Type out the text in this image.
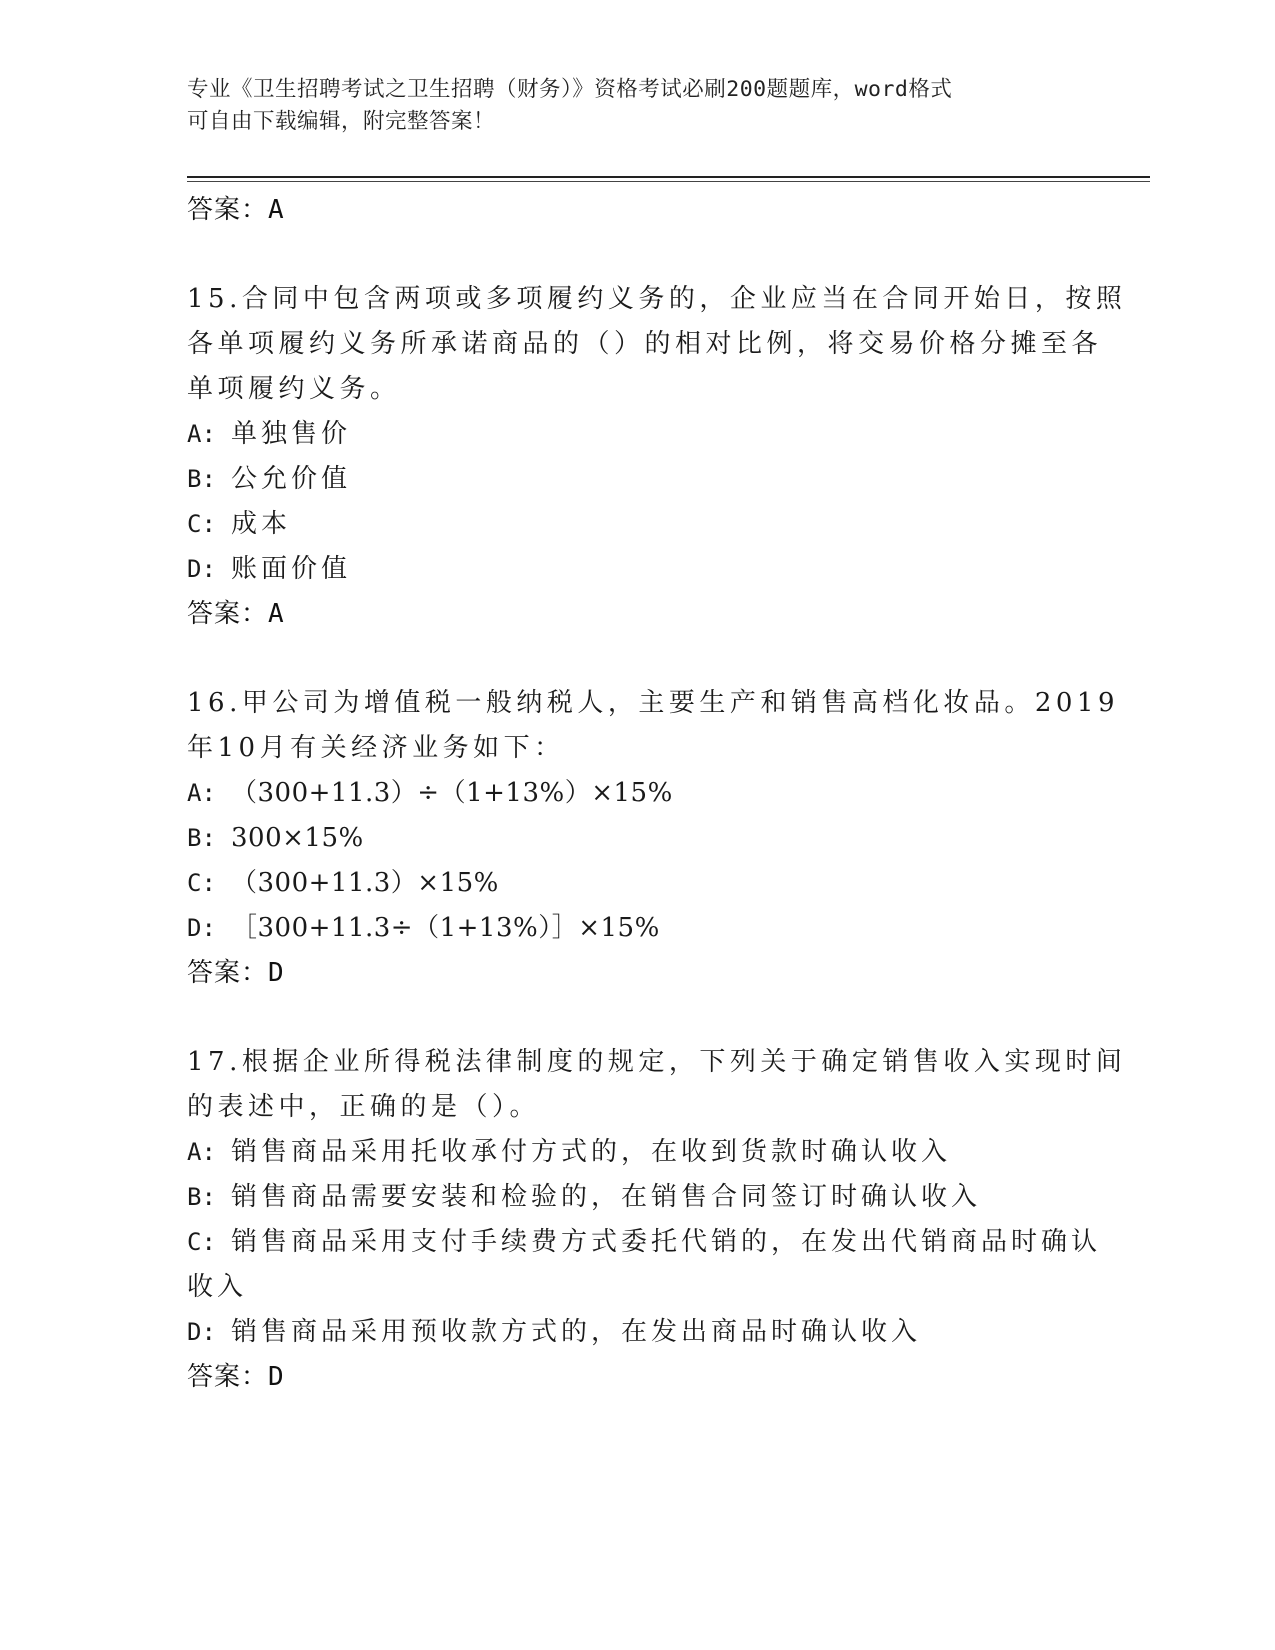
专业《卫生招聘考试之卫生招聘（财务）》资格考试必刷200题题库，word格式
可自由下载编辑，附完整答案！
答案：A
15.合同中包含两项或多项履约义务的，企业应当在合同开始日，按照
各单项履约义务所承诺商品的（）的相对比例，将交易价格分摊至各
单项履约义务。
A: 单独售价
B: 公允价值
C: 成本
D: 账面价值
答案：A
16.甲公司为增值税一般纳税人，主要生产和销售高档化妆品。2019
年10月有关经济业务如下：
A: （300+11.3）÷（1+13%）×15%
B: 300×15%
C: （300+11.3）×15%
D: ［300+11.3÷（1+13%）］×15%
答案：D
17.根据企业所得税法律制度的规定，下列关于确定销售收入实现时间
的表述中，正确的是（）。
A: 销售商品采用托收承付方式的，在收到货款时确认收入
B: 销售商品需要安装和检验的，在销售合同签订时确认收入
C: 销售商品采用支付手续费方式委托代销的，在发出代销商品时确认
收入
D: 销售商品采用预收款方式的，在发出商品时确认收入
答案：D
